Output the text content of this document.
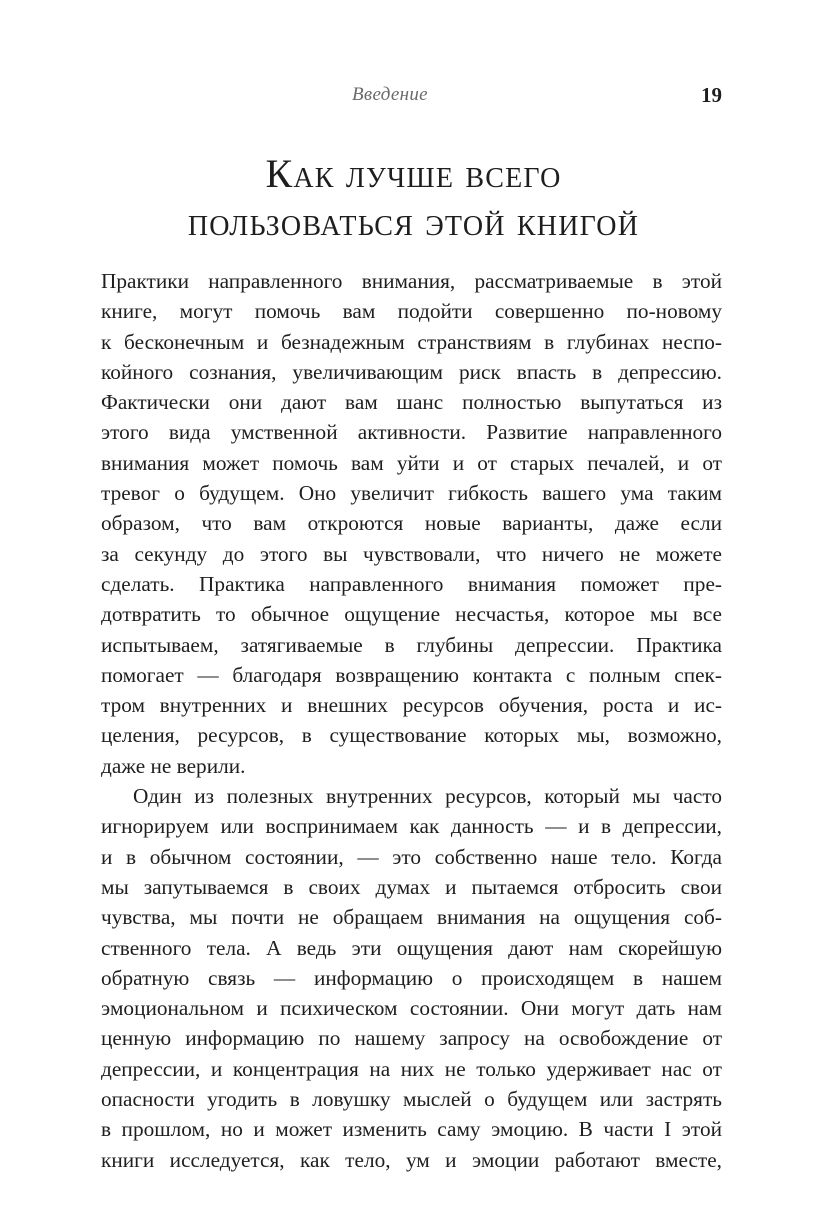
Введение	19
Как лучше всего
пользоваться этой книгой
Практики направленного внимания, рассматриваемые в этой
книге, могут помочь вам подойти совершенно по-новому
к бесконечным и безнадежным странствиям в глубинах неспо-
койного сознания, увеличивающим риск впасть в депрессию.
Фактически они дают вам шанс полностью выпутаться из
этого вида умственной активности. Развитие направленного
внимания может помочь вам уйти и от старых печалей, и от
тревог о будущем. Оно увеличит гибкость вашего ума таким
образом, что вам откроются новые варианты, даже если
за секунду до этого вы чувствовали, что ничего не можете
сделать. Практика направленного внимания поможет пре-
дотвратить то обычное ощущение несчастья, которое мы все
испытываем, затягиваемые в глубины депрессии. Практика
помогает — благодаря возвращению контакта с полным спек-
тром внутренних и внешних ресурсов обучения, роста и ис-
целения, ресурсов, в существование которых мы, возможно,
даже не верили.
Один из полезных внутренних ресурсов, который мы часто
игнорируем или воспринимаем как данность — и в депрессии,
и в обычном состоянии, — это собственно наше тело. Когда
мы запутываемся в своих думах и пытаемся отбросить свои
чувства, мы почти не обращаем внимания на ощущения соб-
ственного тела. А ведь эти ощущения дают нам скорейшую
обратную связь — информацию о происходящем в нашем
эмоциональном и психическом состоянии. Они могут дать нам
ценную информацию по нашему запросу на освобождение от
депрессии, и концентрация на них не только удерживает нас от
опасности угодить в ловушку мыслей о будущем или застрять
в прошлом, но и может изменить саму эмоцию. В части I этой
книги исследуется, как тело, ум и эмоции работают вместе,
